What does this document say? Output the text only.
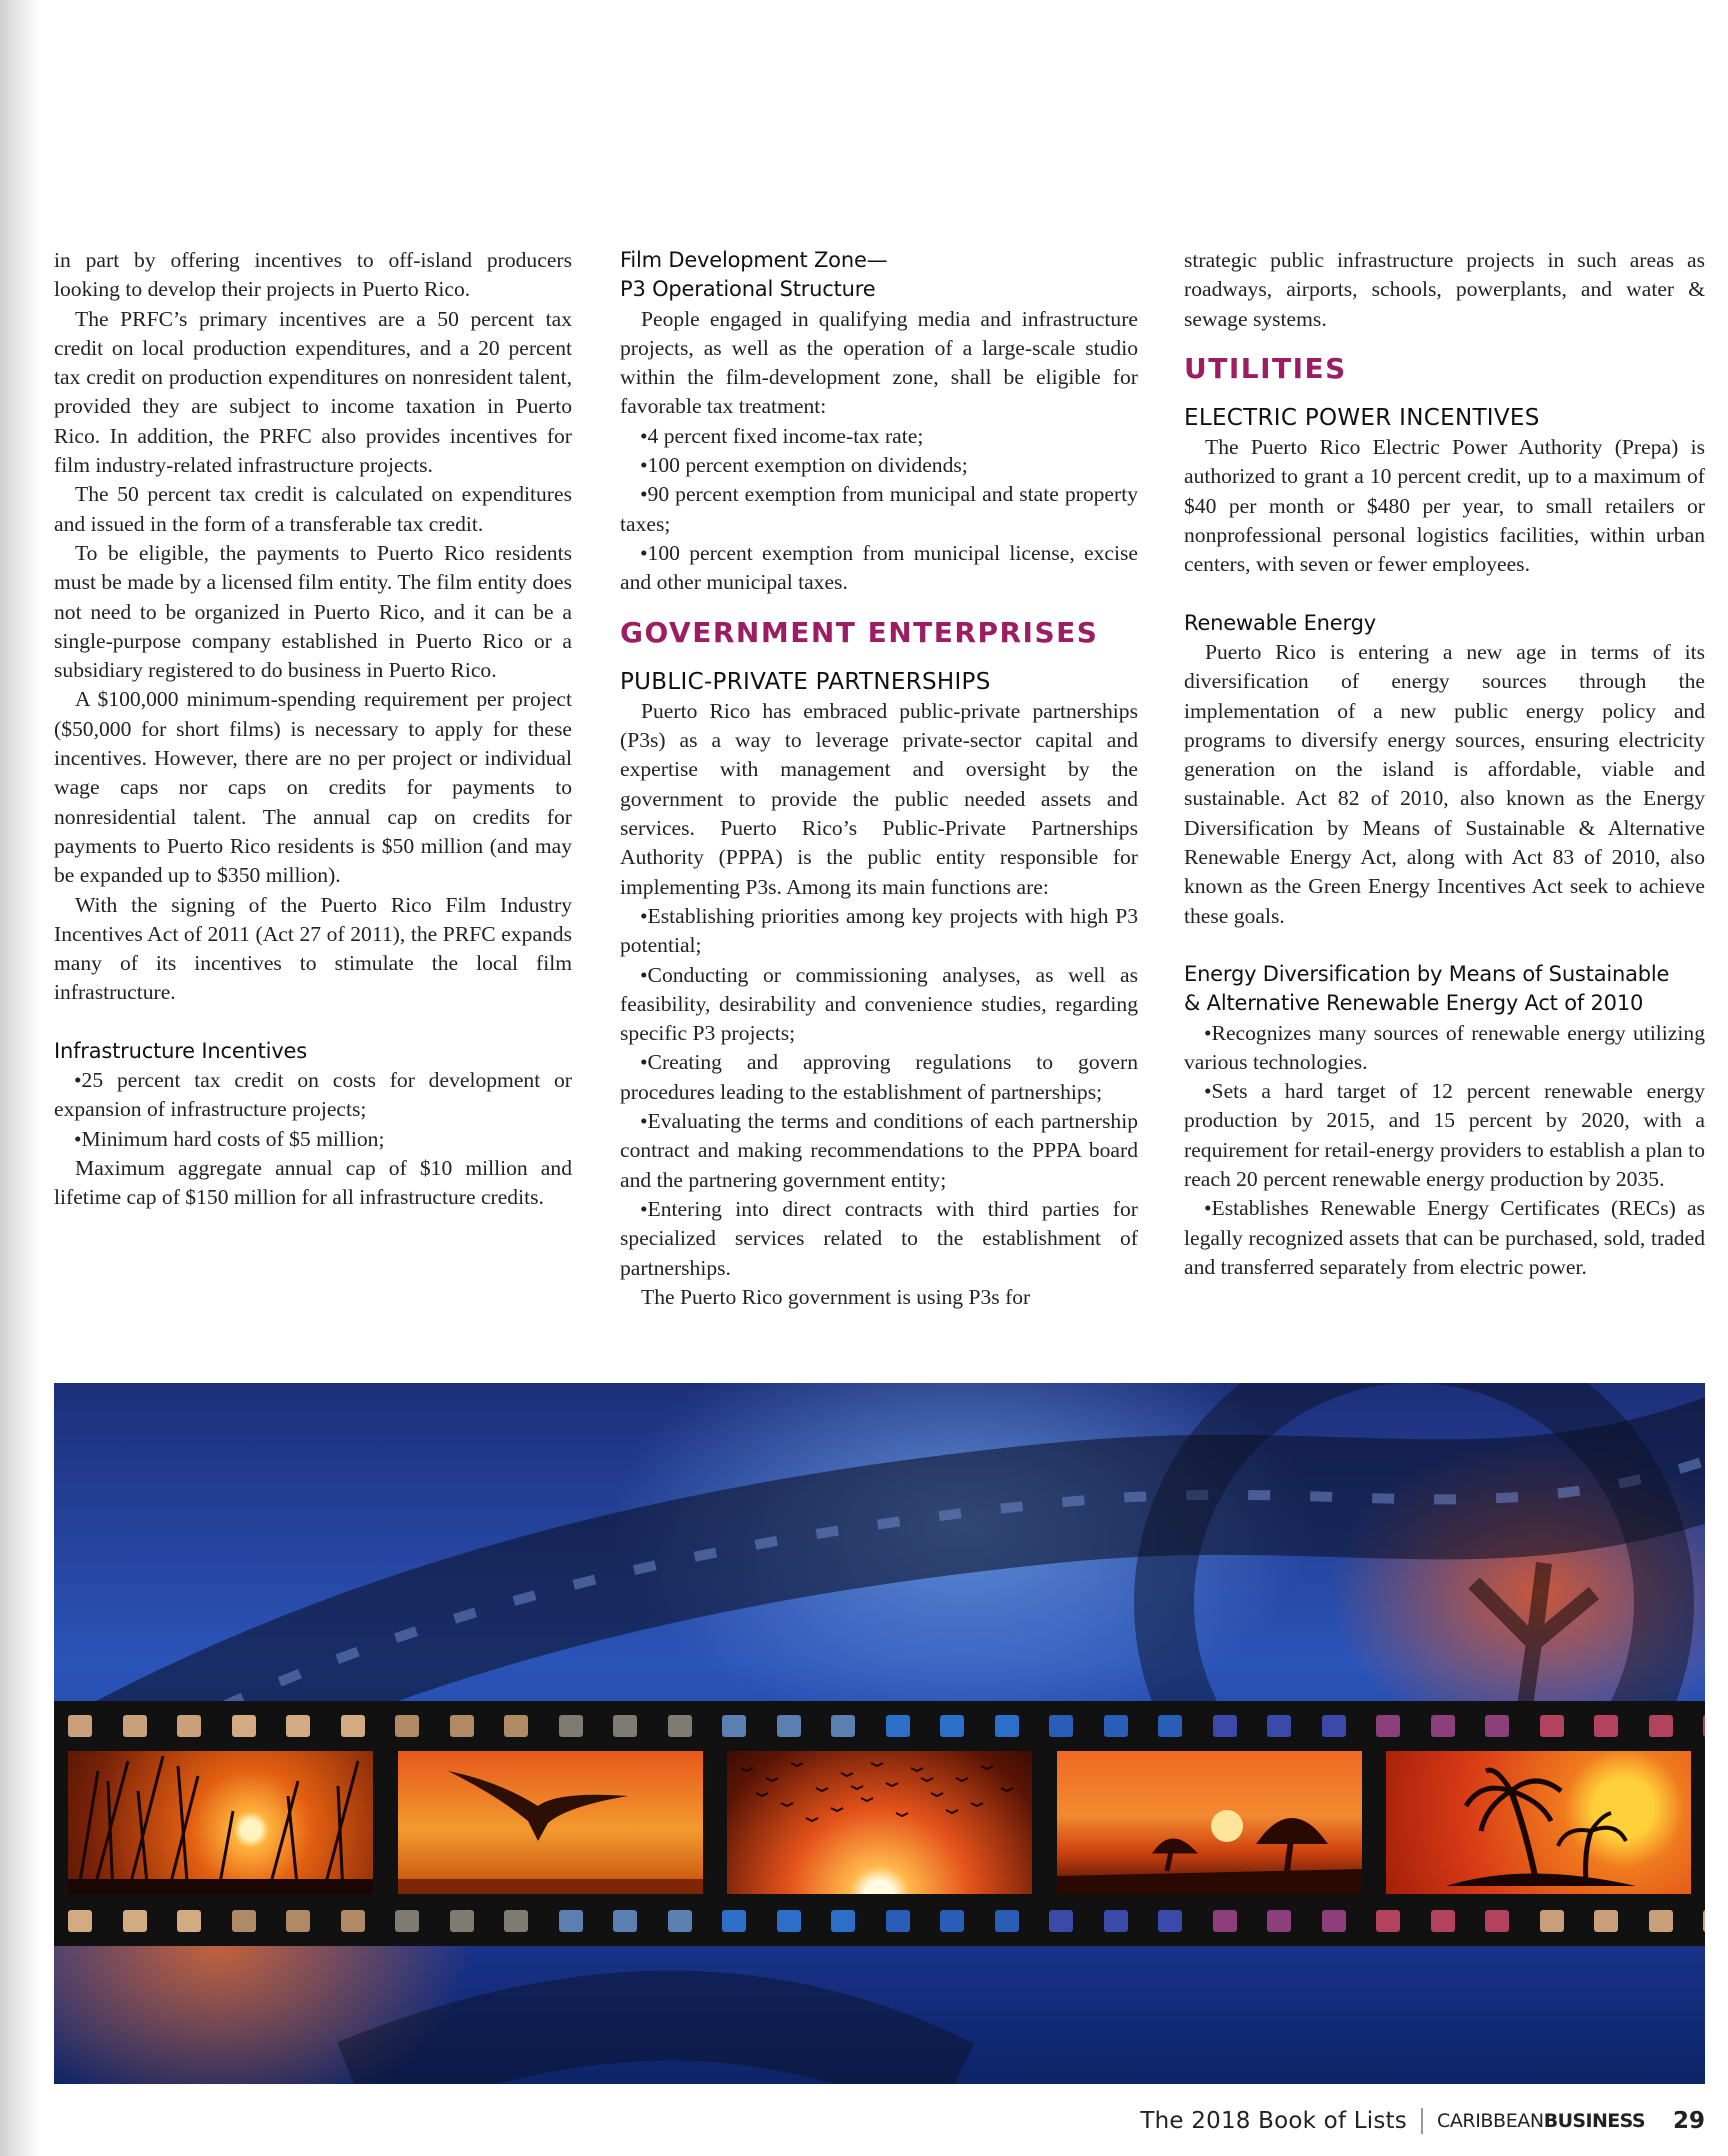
in part by offering incentives to off-island producers looking to develop their projects in Puerto Rico.

The PRFC’s primary incentives are a 50 percent tax credit on local production expenditures, and a 20 percent tax credit on production expenditures on nonresident talent, provided they are subject to income taxation in Puerto Rico. In addition, the PRFC also provides incentives for film industry-related infrastructure projects.

The 50 percent tax credit is calculated on expenditures and issued in the form of a transferable tax credit.

To be eligible, the payments to Puerto Rico residents must be made by a licensed film entity. The film entity does not need to be organized in Puerto Rico, and it can be a single-purpose company established in Puerto Rico or a subsidiary registered to do business in Puerto Rico.

A $100,000 minimum-spending requirement per project ($50,000 for short films) is necessary to apply for these incentives. However, there are no per project or individual wage caps nor caps on credits for payments to nonresidential talent. The annual cap on credits for payments to Puerto Rico residents is $50 million (and may be expanded up to $350 million).

With the signing of the Puerto Rico Film Industry Incentives Act of 2011 (Act 27 of 2011), the PRFC expands many of its incentives to stimulate the local film infrastructure.

Infrastructure Incentives

•25 percent tax credit on costs for development or expansion of infrastructure projects;

•Minimum hard costs of $5 million;

Maximum aggregate annual cap of $10 million and lifetime cap of $150 million for all infrastructure credits.

Film Development Zone—
P3 Operational Structure

People engaged in qualifying media and infrastructure projects, as well as the operation of a large-scale studio within the film-development zone, shall be eligible for favorable tax treatment:

•4 percent fixed income-tax rate;

•100 percent exemption on dividends;

•90 percent exemption from municipal and state property taxes;

•100 percent exemption from municipal license, excise and other municipal taxes.

GOVERNMENT ENTERPRISES
PUBLIC-PRIVATE PARTNERSHIPS

Puerto Rico has embraced public-private partnerships (P3s) as a way to leverage private-sector capital and expertise with management and oversight by the government to provide the public needed assets and services. Puerto Rico’s Public-Private Partnerships Authority (PPPA) is the public entity responsible for implementing P3s. Among its main functions are:

•Establishing priorities among key projects with high P3 potential;

•Conducting or commissioning analyses, as well as feasibility, desirability and convenience studies, regarding specific P3 projects;

•Creating and approving regulations to govern procedures leading to the establishment of partnerships;

•Evaluating the terms and conditions of each partnership contract and making recommendations to the PPPA board and the partnering government entity;

•Entering into direct contracts with third parties for specialized services related to the establishment of partnerships.

The Puerto Rico government is using P3s for

strategic public infrastructure projects in such areas as roadways, airports, schools, powerplants, and water & sewage systems.

UTILITIES
ELECTRIC POWER INCENTIVES

The Puerto Rico Electric Power Authority (Prepa) is authorized to grant a 10 percent credit, up to a maximum of $40 per month or $480 per year, to small retailers or nonprofessional personal logistics facilities, within urban centers, with seven or fewer employees.

Renewable Energy

Puerto Rico is entering a new age in terms of its diversification of energy sources through the implementation of a new public energy policy and programs to diversify energy sources, ensuring electricity generation on the island is affordable, viable and sustainable. Act 82 of 2010, also known as the Energy Diversification by Means of Sustainable & Alternative Renewable Energy Act, along with Act 83 of 2010, also known as the Green Energy Incentives Act seek to achieve these goals.

Energy Diversification by Means of Sustainable
& Alternative Renewable Energy Act of 2010

•Recognizes many sources of renewable energy utilizing various technologies.

•Sets a hard target of 12 percent renewable energy production by 2015, and 15 percent by 2020, with a requirement for retail-energy providers to establish a plan to reach 20 percent renewable energy production by 2035.

•Establishes Renewable Energy Certificates (RECs) as legally recognized assets that can be purchased, sold, traded and transferred separately from electric power.

The 2018 Book of Lists CARIBBEAN BUSINESS 29
